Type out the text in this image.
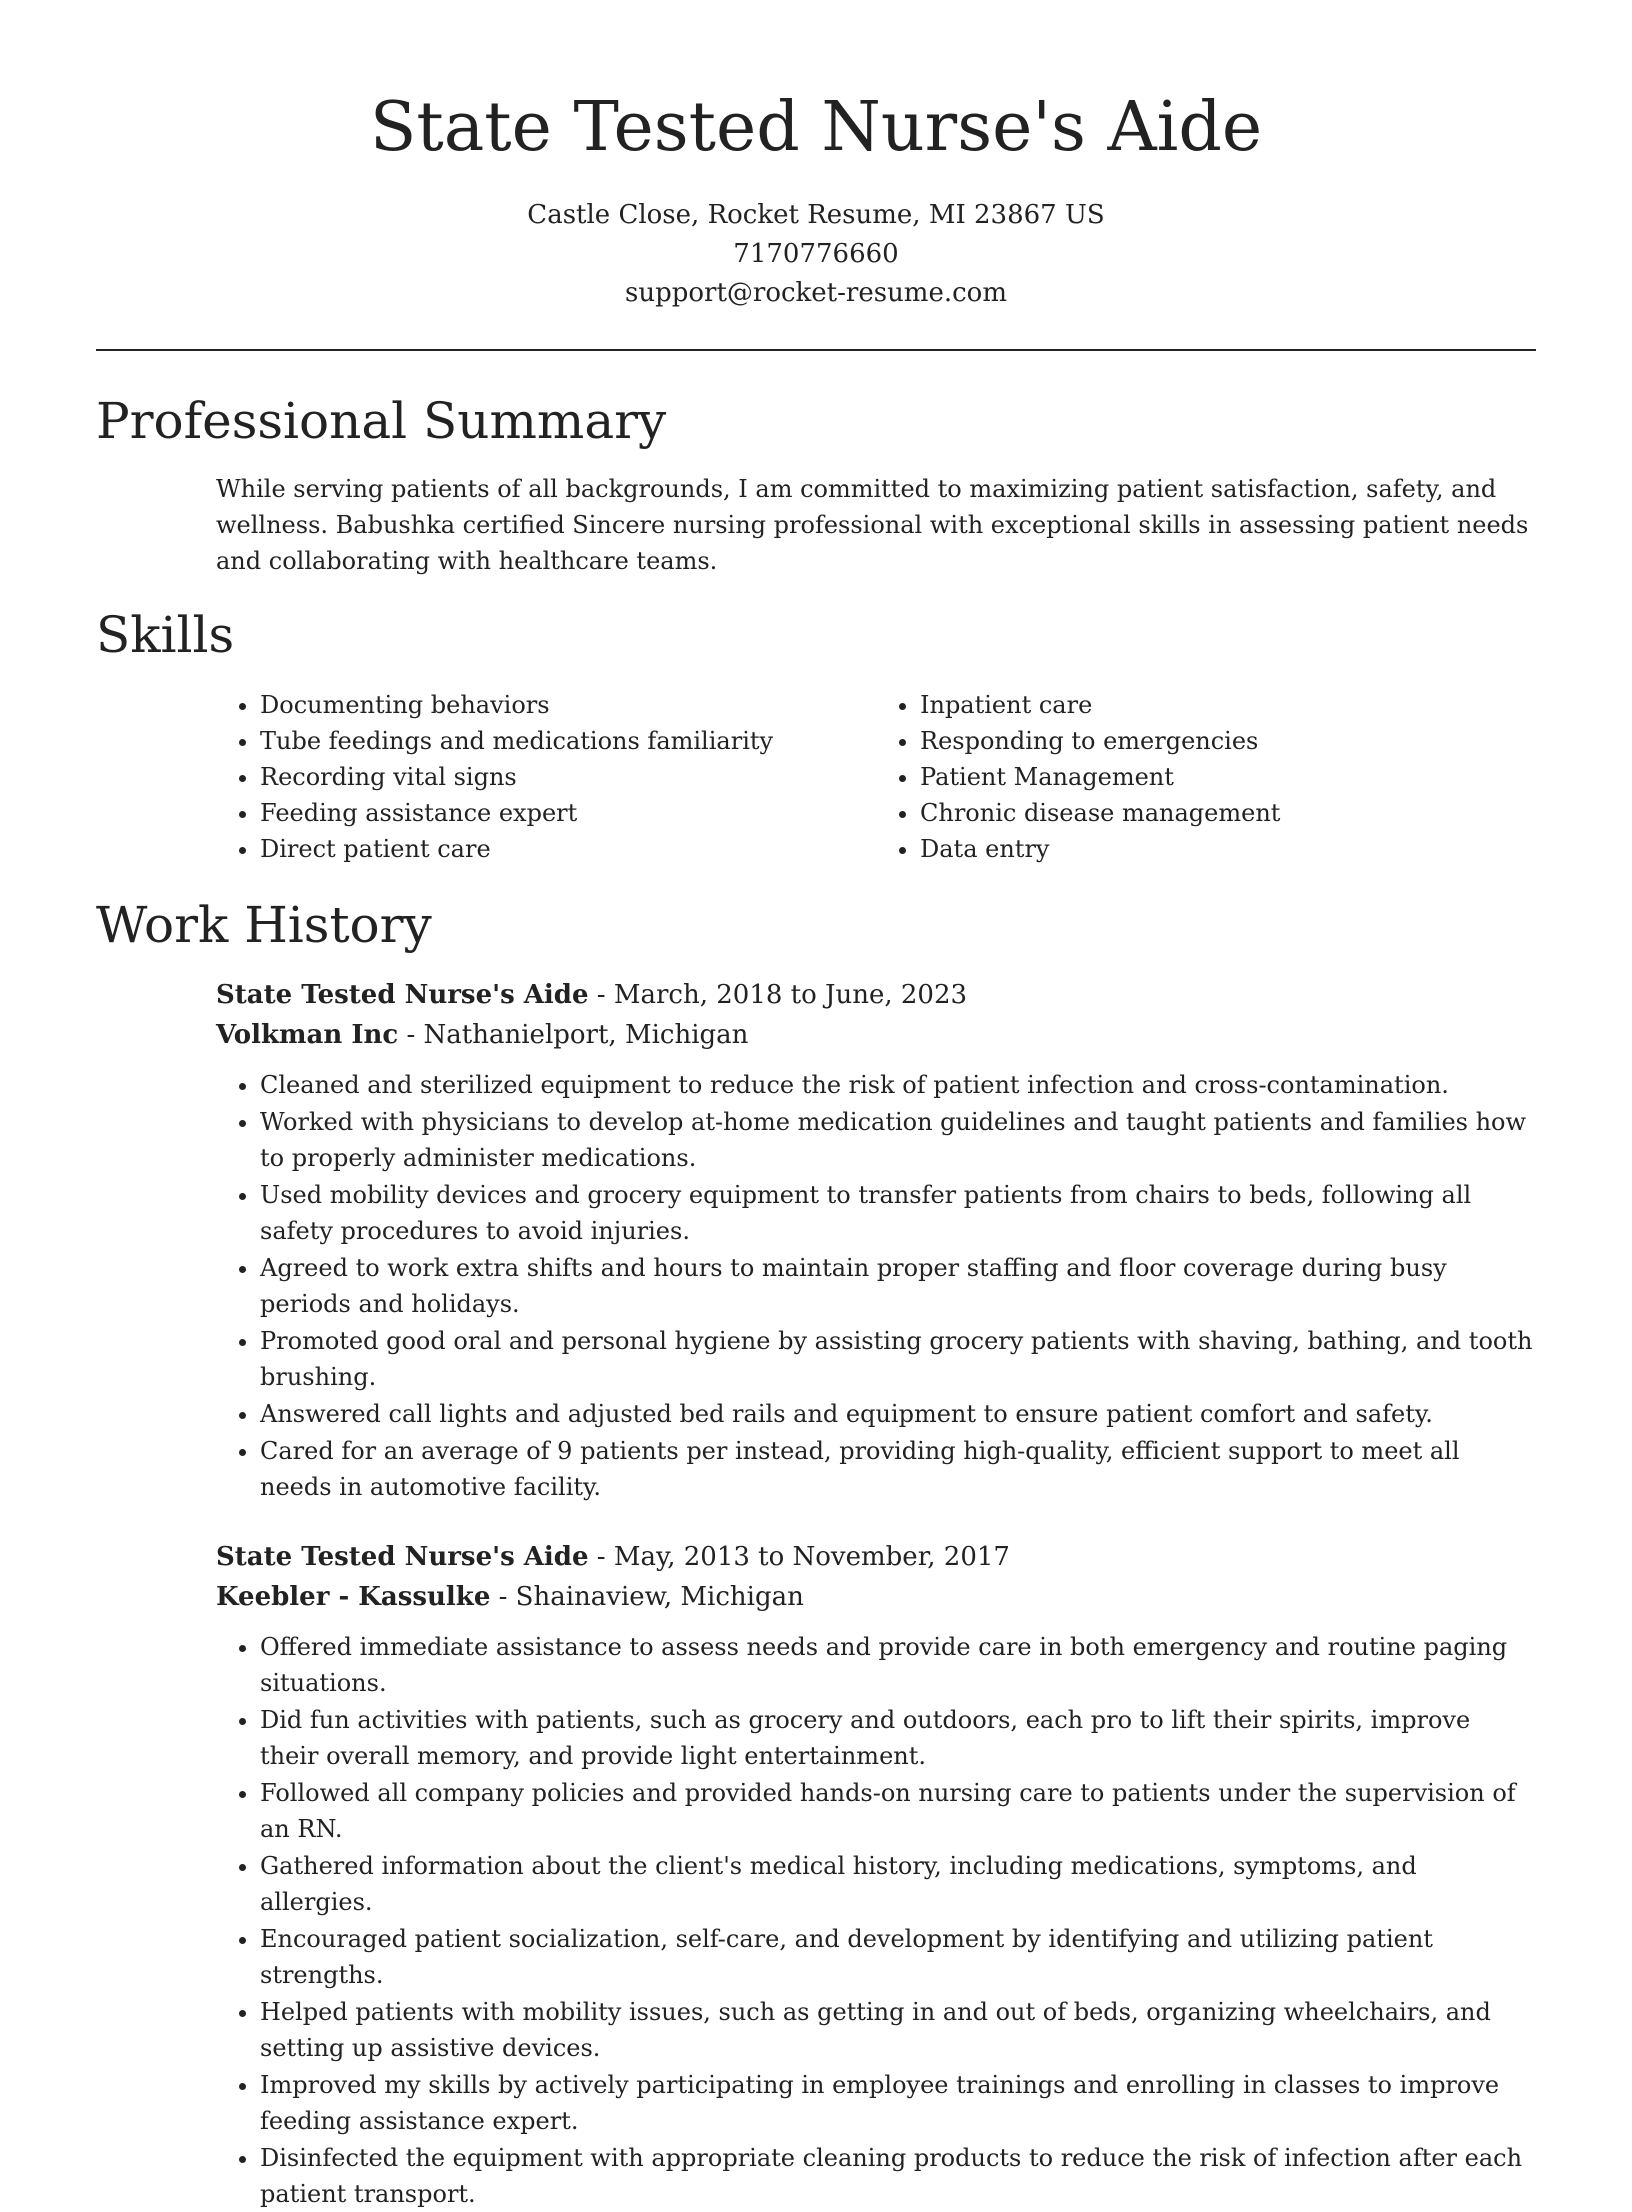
State Tested Nurse's Aide
Castle Close, Rocket Resume, MI 23867 US
7170776660
support@rocket-resume.com
Professional Summary

While serving patients of all backgrounds, I am committed to maximizing patient satisfaction, safety, and wellness. Babushka certified Sincere nursing professional with exceptional skills in assessing patient needs and collaborating with healthcare teams.

Skills
• Documenting behaviors
• Tube feedings and medications familiarity
• Recording vital signs
• Feeding assistance expert
• Direct patient care
• Inpatient care
• Responding to emergencies
• Patient Management
• Chronic disease management
• Data entry
Work History
State Tested Nurse's Aide - March, 2018 to June, 2023
Volkman Inc - Nathanielport, Michigan
• Cleaned and sterilized equipment to reduce the risk of patient infection and cross-contamination.
• Worked with physicians to develop at-home medication guidelines and taught patients and families how to properly administer medications.
• Used mobility devices and grocery equipment to transfer patients from chairs to beds, following all safety procedures to avoid injuries.
• Agreed to work extra shifts and hours to maintain proper staffing and floor coverage during busy periods and holidays.
• Promoted good oral and personal hygiene by assisting grocery patients with shaving, bathing, and tooth brushing.
• Answered call lights and adjusted bed rails and equipment to ensure patient comfort and safety.
• Cared for an average of 9 patients per instead, providing high-quality, efficient support to meet all needs in automotive facility.
State Tested Nurse's Aide - May, 2013 to November, 2017
Keebler - Kassulke - Shainaview, Michigan
• Offered immediate assistance to assess needs and provide care in both emergency and routine paging situations.
• Did fun activities with patients, such as grocery and outdoors, each pro to lift their spirits, improve their overall memory, and provide light entertainment.
• Followed all company policies and provided hands-on nursing care to patients under the supervision of an RN.
• Gathered information about the client's medical history, including medications, symptoms, and allergies.
• Encouraged patient socialization, self-care, and development by identifying and utilizing patient strengths.
• Helped patients with mobility issues, such as getting in and out of beds, organizing wheelchairs, and setting up assistive devices.
• Improved my skills by actively participating in employee trainings and enrolling in classes to improve feeding assistance expert.
• Disinfected the equipment with appropriate cleaning products to reduce the risk of infection after each patient transport.
